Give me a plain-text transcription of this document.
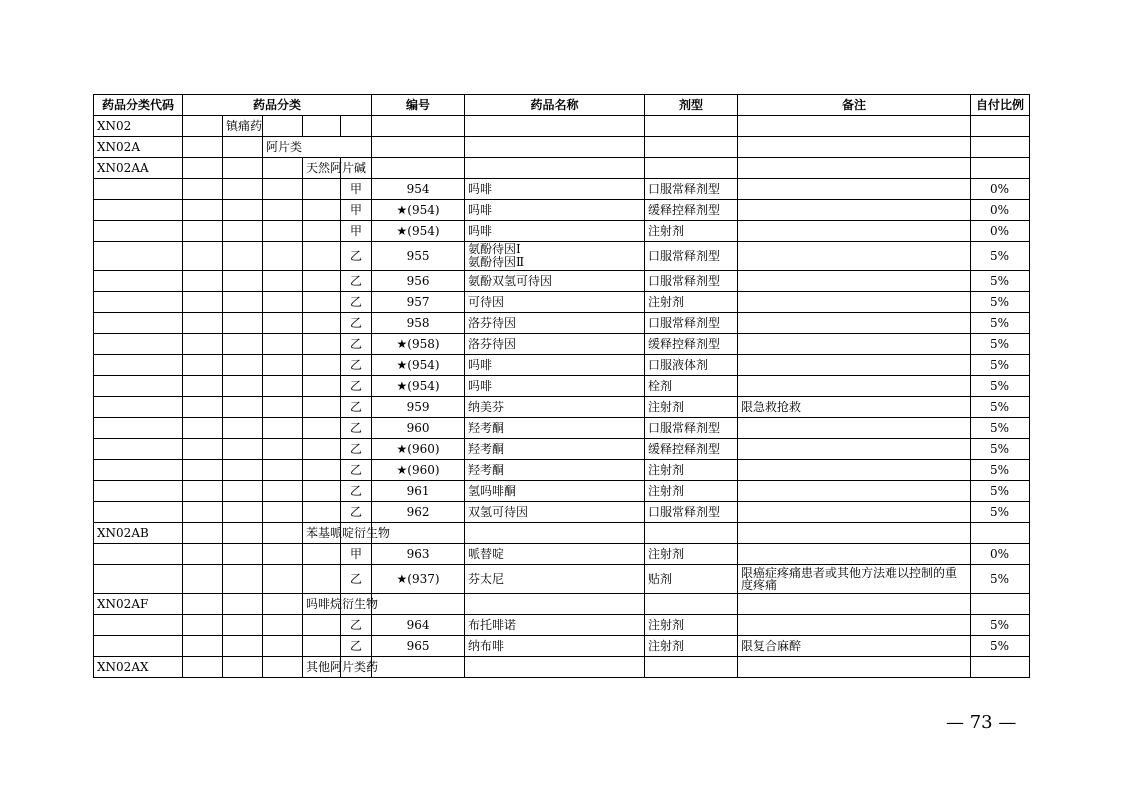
药品分类代码	药品分类					编号	药品名称	剂型	备注	自付比例
XN02		镇痛药								
XN02A			阿片类							
XN02AA				天然阿片碱						
					甲	954	吗啡	口服常释剂型		0%
					甲	★(954)	吗啡	缓释控释剂型		0%
					甲	★(954)	吗啡	注射剂		0%
					乙	955	氨酚待因Ⅰ
氨酚待因Ⅱ	口服常释剂型		5%
					乙	956	氨酚双氢可待因	口服常释剂型		5%
					乙	957	可待因	注射剂		5%
					乙	958	洛芬待因	口服常释剂型		5%
					乙	★(958)	洛芬待因	缓释控释剂型		5%
					乙	★(954)	吗啡	口服液体剂		5%
					乙	★(954)	吗啡	栓剂		5%
					乙	959	纳美芬	注射剂	限急救抢救	5%
					乙	960	羟考酮	口服常释剂型		5%
					乙	★(960)	羟考酮	缓释控释剂型		5%
					乙	★(960)	羟考酮	注射剂		5%
					乙	961	氢吗啡酮	注射剂		5%
					乙	962	双氢可待因	口服常释剂型		5%
XN02AB				苯基哌啶衍生物						
					甲	963	哌替啶	注射剂		0%
					乙	★(937)	芬太尼	贴剂	限癌症疼痛患者或其他方法难以控制的重度疼痛	5%
XN02AF				吗啡烷衍生物						
					乙	964	布托啡诺	注射剂		5%
					乙	965	纳布啡	注射剂	限复合麻醉	5%
XN02AX				其他阿片类药						
— 73 —
